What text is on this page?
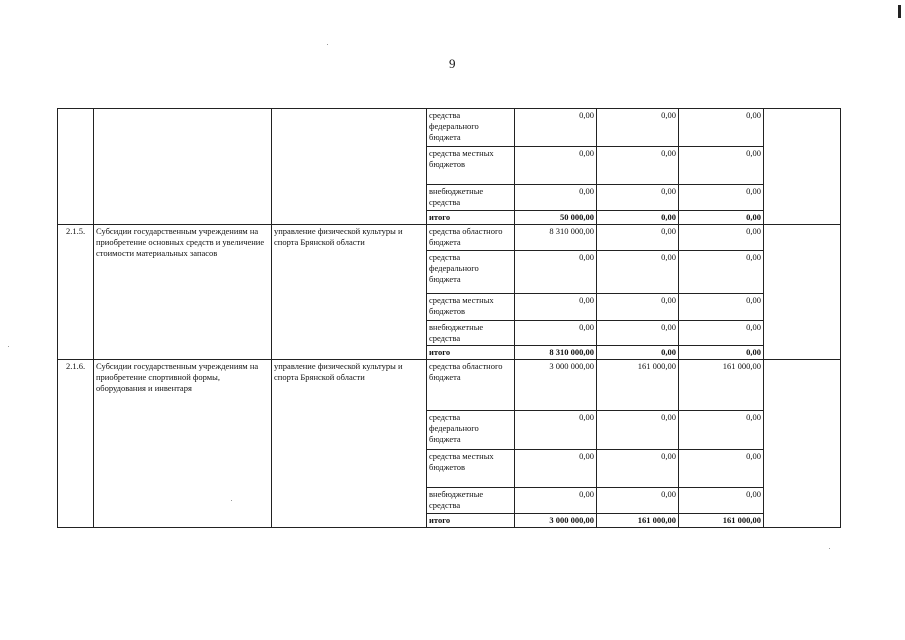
9
			средства федерального бюджета	0,00	0,00	0,00	
			средства местных бюджетов	0,00	0,00	0,00	
			внебюджетные средства	0,00	0,00	0,00	
			итого	50 000,00	0,00	0,00	
2.1.5.	Субсидии государственным учреждениям на приобретение основных средств и увеличение стоимости материальных запасов	управление физической культуры и спорта Брянской области	средства областного бюджета	8 310 000,00	0,00	0,00	
			средства федерального бюджета	0,00	0,00	0,00	
			средства местных бюджетов	0,00	0,00	0,00	
			внебюджетные средства	0,00	0,00	0,00	
			итого	8 310 000,00	0,00	0,00	
2.1.6.	Субсидии государственным учреждениям на приобретение спортивной формы, оборудования и инвентаря	управление физической культуры и спорта Брянской области	средства областного бюджета	3 000 000,00	161 000,00	161 000,00	
			средства федерального бюджета	0,00	0,00	0,00	
			средства местных бюджетов	0,00	0,00	0,00	
			внебюджетные средства	0,00	0,00	0,00	
			итого	3 000 000,00	161 000,00	161 000,00	
